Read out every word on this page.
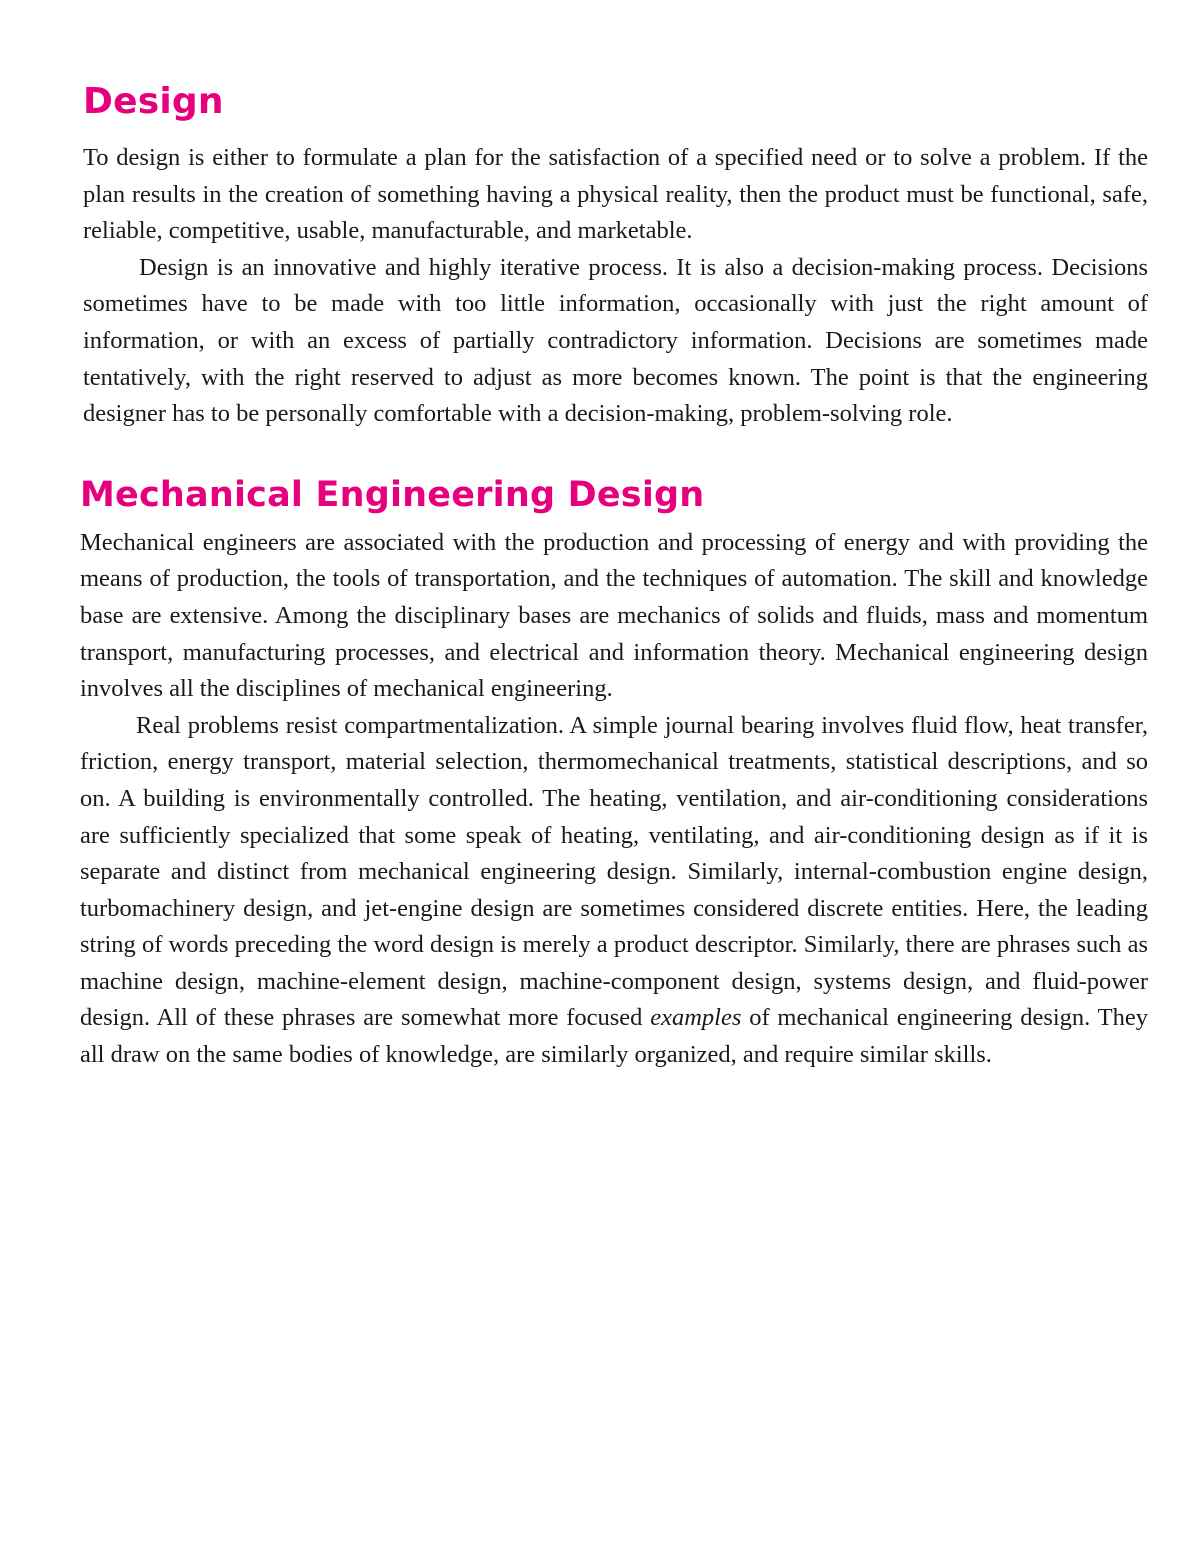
Design

To design is either to formulate a plan for the satisfaction of a specified need or to solve a problem. If the plan results in the creation of something having a physical reality, then the product must be functional, safe, reliable, competitive, usable, manufacturable, and marketable.

Design is an innovative and highly iterative process. It is also a decision-making process. Decisions sometimes have to be made with too little information, occasionally with just the right amount of information, or with an excess of partially contradictory information. Decisions are sometimes made tentatively, with the right reserved to adjust as more becomes known. The point is that the engineering designer has to be personally comfortable with a decision-making, problem-solving role.

Mechanical Engineering Design

Mechanical engineers are associated with the production and processing of energy and with providing the means of production, the tools of transportation, and the techniques of automation. The skill and knowledge base are extensive. Among the disciplinary bases are mechanics of solids and fluids, mass and momentum transport, manufacturing processes, and electrical and information theory. Mechanical engineering design involves all the disciplines of mechanical engineering.

Real problems resist compartmentalization. A simple journal bearing involves fluid flow, heat transfer, friction, energy transport, material selection, thermomechanical treatments, statistical descriptions, and so on. A building is environmentally controlled. The heating, ventilation, and air-conditioning considerations are sufficiently specialized that some speak of heating, ventilating, and air-conditioning design as if it is separate and distinct from mechanical engineering design. Similarly, internal-combustion engine design, turbomachinery design, and jet-engine design are sometimes considered discrete entities. Here, the leading string of words preceding the word design is merely a product descriptor. Similarly, there are phrases such as machine design, machine-element design, machine-component design, systems design, and fluid-power design. All of these phrases are somewhat more focused examples of mechanical engineering design. They all draw on the same bodies of knowledge, are similarly organized, and require similar skills.
